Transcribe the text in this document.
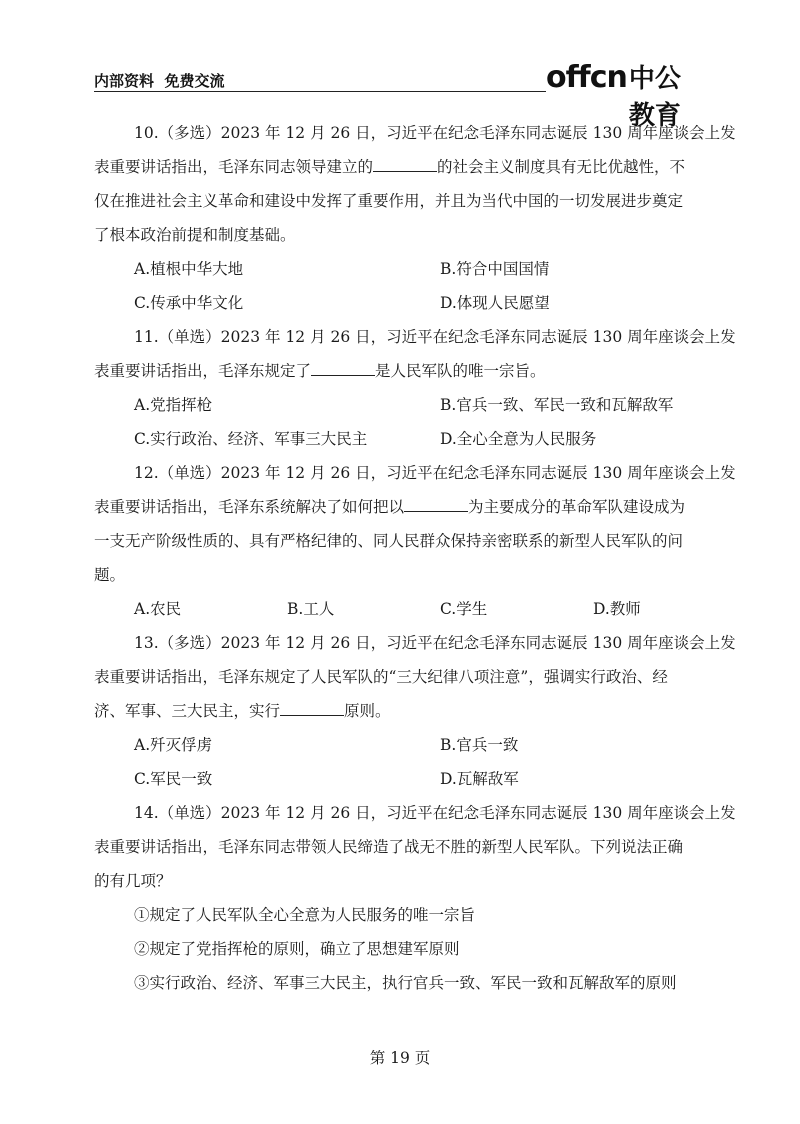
内部资料  免费交流	offcn 中公教育
10.（多选）2023 年 12 月 26 日，习近平在纪念毛泽东同志诞辰 130 周年座谈会上发
表重要讲话指出，毛泽东同志领导建立的	的社会主义制度具有无比优越性，不
仅在推进社会主义革命和建设中发挥了重要作用，并且为当代中国的一切发展进步奠定
了根本政治前提和制度基础。
A.植根中华大地	B.符合中国国情
C.传承中华文化	D.体现人民愿望
11.（单选）2023 年 12 月 26 日，习近平在纪念毛泽东同志诞辰 130 周年座谈会上发
表重要讲话指出，毛泽东规定了	是人民军队的唯一宗旨。
A.党指挥枪	B.官兵一致、军民一致和瓦解敌军
C.实行政治、经济、军事三大民主	D.全心全意为人民服务
12.（单选）2023 年 12 月 26 日，习近平在纪念毛泽东同志诞辰 130 周年座谈会上发
表重要讲话指出，毛泽东系统解决了如何把以	为主要成分的革命军队建设成为
一支无产阶级性质的、具有严格纪律的、同人民群众保持亲密联系的新型人民军队的问
题。
A.农民	B.工人	C.学生	D.教师
13.（多选）2023 年 12 月 26 日，习近平在纪念毛泽东同志诞辰 130 周年座谈会上发
表重要讲话指出，毛泽东规定了人民军队的“三大纪律八项注意”，强调实行政治、经
济、军事、三大民主，实行	原则。
A.歼灭俘虏	B.官兵一致
C.军民一致	D.瓦解敌军
14.（单选）2023 年 12 月 26 日，习近平在纪念毛泽东同志诞辰 130 周年座谈会上发
表重要讲话指出，毛泽东同志带领人民缔造了战无不胜的新型人民军队。下列说法正确
的有几项？
①规定了人民军队全心全意为人民服务的唯一宗旨
②规定了党指挥枪的原则，确立了思想建军原则
③实行政治、经济、军事三大民主，执行官兵一致、军民一致和瓦解敌军的原则
第 19 页
